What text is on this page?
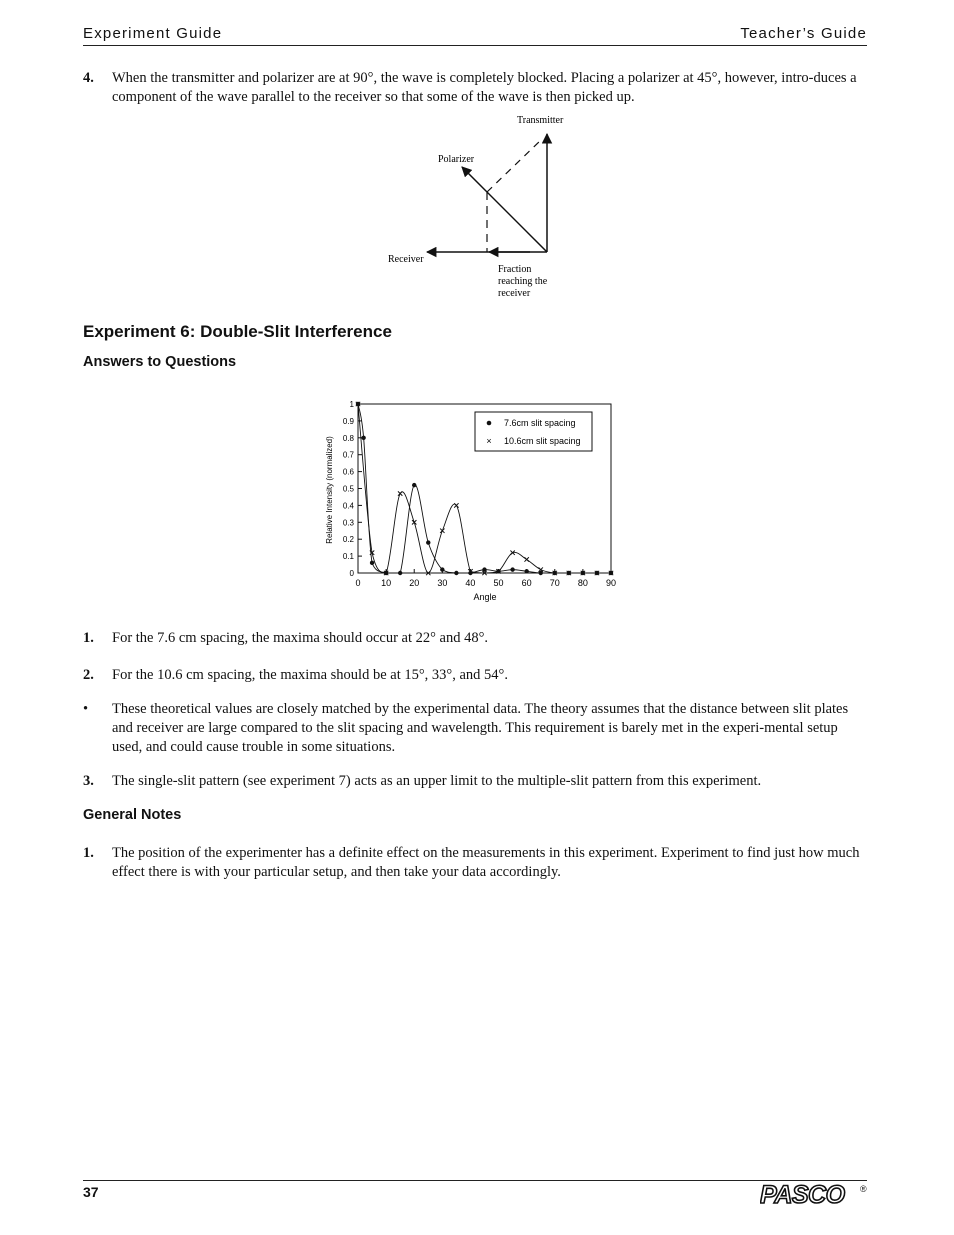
Experiment Guide	Teacher’s Guide
4. When the transmitter and polarizer are at 90°, the wave is completely blocked. Placing a polarizer at 45°, however, intro-duces a component of the wave parallel to the receiver so that some of the wave is then picked up.
Transmitter
Polarizer
Receiver
Fraction
reaching the
receiver
Experiment 6: Double-Slit Interference
Answers to Questions
0 10 20 30 40 50 60 70 80 90
0
0.1
0.2
0.3
0.4
0.5
0.6
0.7
0.8
0.9
1
Angle
Relative Intensity (normalized)
7.6cm slit spacing
× 10.6cm slit spacing
1. For the 7.6 cm spacing, the maxima should occur at 22° and 48°.
2. For the 10.6 cm spacing, the maxima should be at 15°, 33°, and 54°.
• These theoretical values are closely matched by the experimental data. The theory assumes that the distance between slit plates and receiver are large compared to the slit spacing and wavelength. This requirement is barely met in the experi-mental setup used, and could cause trouble in some situations.
3. The single-slit pattern (see experiment 7) acts as an upper limit to the multiple-slit pattern from this experiment.
General Notes
1. The position of the experimenter has a definite effect on the measurements in this experiment. Experiment to find just how much effect there is with your particular setup, and then take your data accordingly.
37	PASCO ®
